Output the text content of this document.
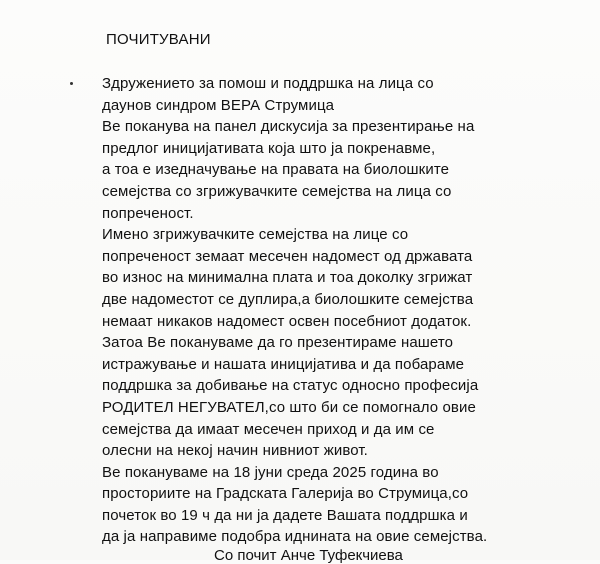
ПОЧИТУВАНИ
Здружението за помош и поддршка на лица со
даунов синдром ВЕРА Струмица
Ве поканува на панел дискусија за презентирање на
предлог иницијативата која што ја покренавме,
а тоа е изедначување на правата на биолошките
семејства со згрижувачките семејства на лица со
попреченост.
Имено згрижувачките семејства на лице со
попреченост земаат месечен надомест од државата
во износ на минимална плата и тоа доколку згрижат
две надоместот се дуплира,а биолошките семејства
немаат никаков надомест освен посебниот додаток.
Затоа Ве поканувамe да го презентираме нашето
истражување и нашата иницијатива и да побараме
поддршка за добивање на статус односно професија
РОДИТЕЛ НЕГУВАТЕЛ,со што би се помогнало овие
семејства да имаат месечен приход и да им се
олесни на некој начин нивниот живот.
Ве покануваме на 18 јуни среда 2025 година во
просториите на Градската Галерија во Струмица,со
почеток во 19 ч да ни ја дадете Вашата поддршка и
да ја направиме подобра иднината на овие семејства.
Со почит Анче Туфекчиева
